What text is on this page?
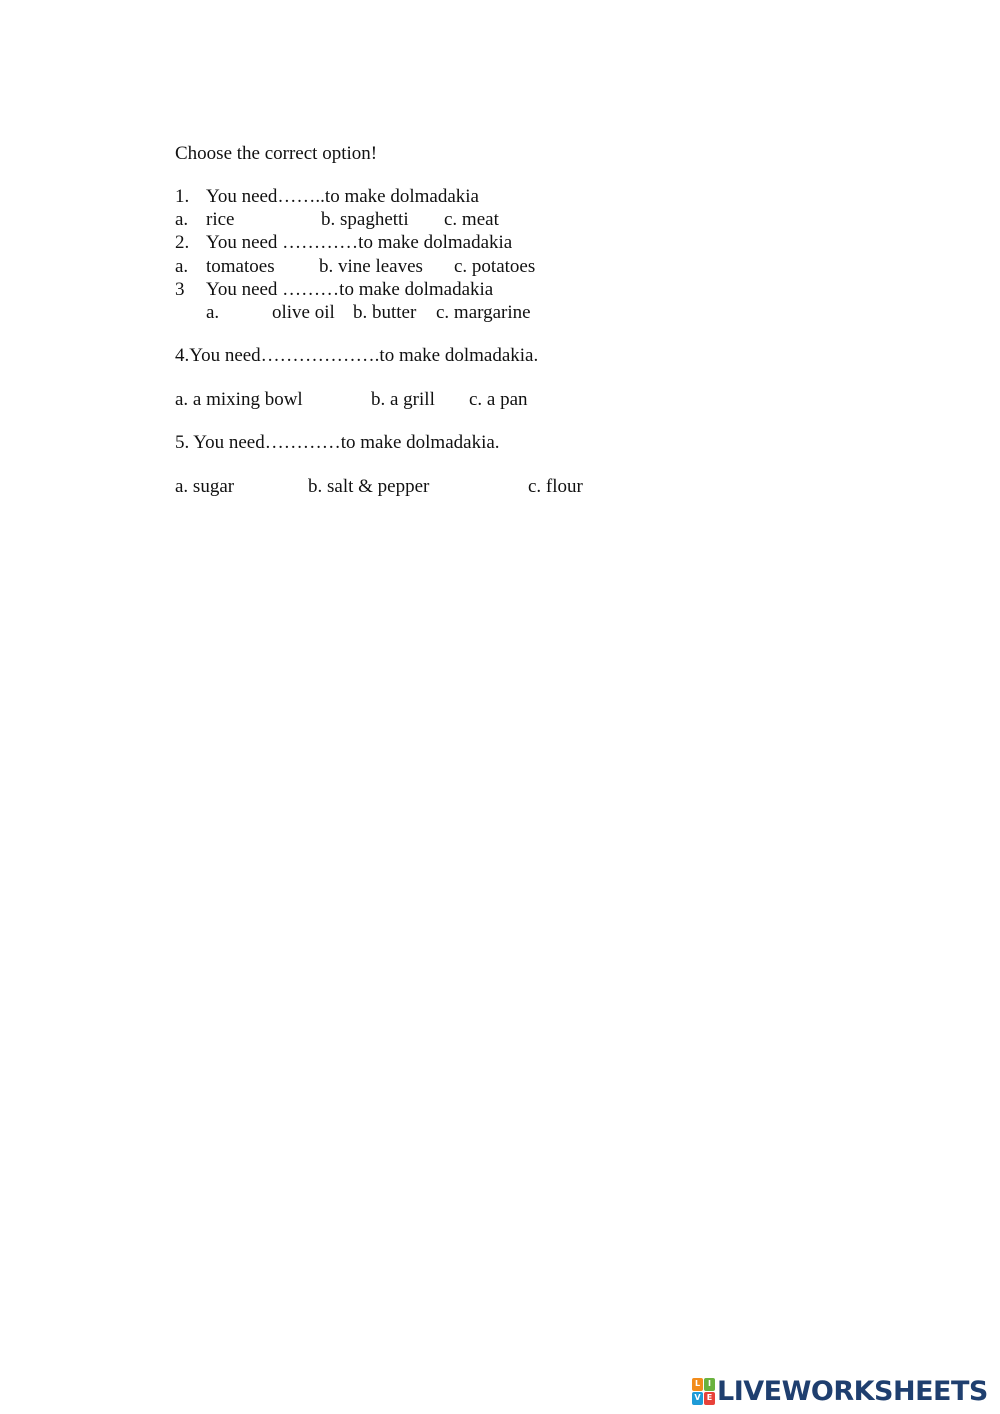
Choose the correct option!
1. You need……..to make dolmadakia
a. rice	b. spaghetti c. meat
2. You need …………to make dolmadakia
a. tomatoes b. vine leaves c. potatoes
3 You need ………to make dolmadakia
a.	olive oil b. butter c. margarine
4.You need……………….to make dolmadakia.
a. a mixing bowl	b. a grill c. a pan
5. You need…………to make dolmadakia.
a. sugar	b. salt & pepper	c. flour
L I
V E LIVEWORKSHEETS
